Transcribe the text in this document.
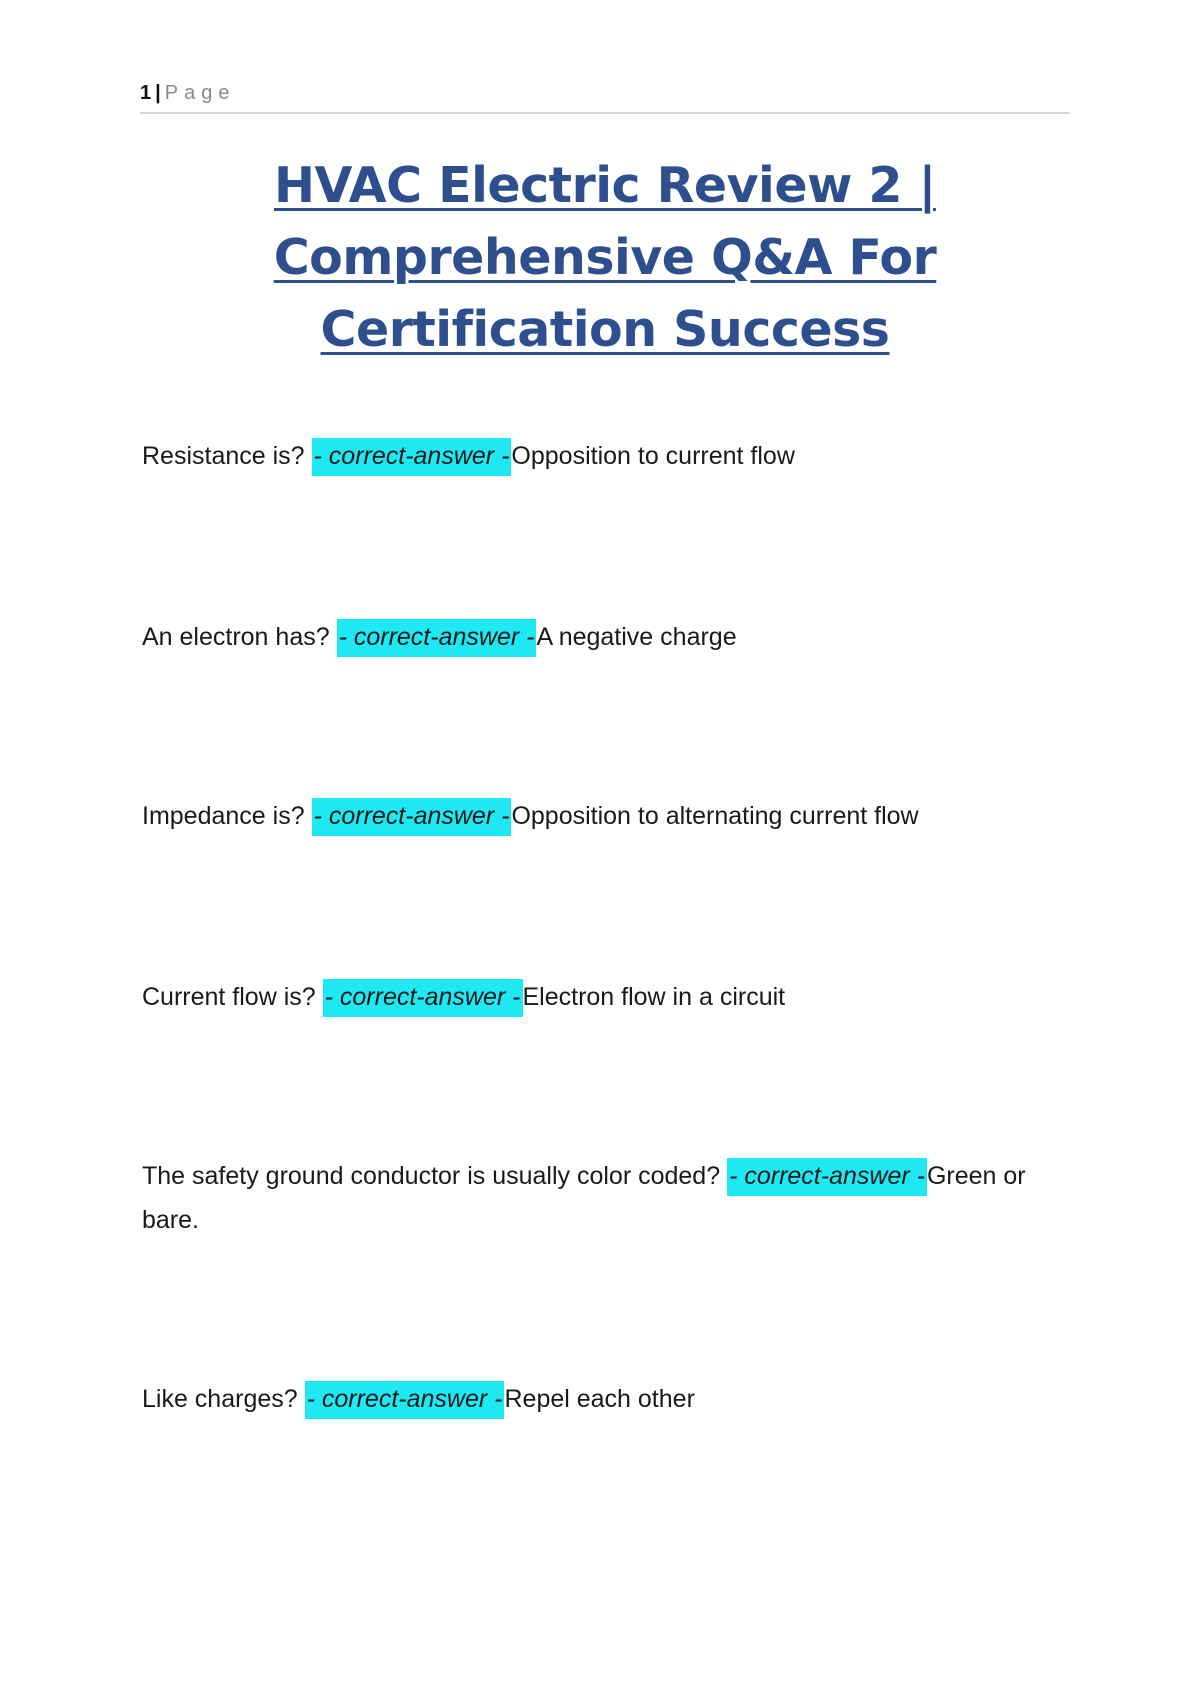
1 | Page
HVAC Electric Review 2 | Comprehensive Q&A For Certification Success
Resistance is? - correct-answer -Opposition to current flow
An electron has? - correct-answer -A negative charge
Impedance is? - correct-answer -Opposition to alternating current flow
Current flow is? - correct-answer -Electron flow in a circuit
The safety ground conductor is usually color coded? - correct-answer -Green or bare.
Like charges? - correct-answer -Repel each other
